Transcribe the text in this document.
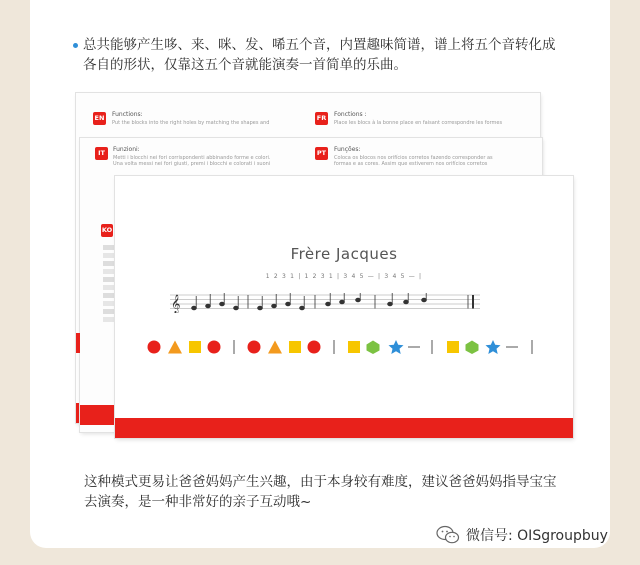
总共能够产生哆、来、咪、发、唏五个音，内置趣味简谱，谱上将五个音转化成各自的形状，仅靠这五个音就能演奏一首简单的乐曲。
EN Functions:
Put the blocks into the right holes by matching the shapes and
FR Fonctions :
Place les blocs à la bonne place en faisant correspondre les formes
IT	Funzioni:
Metti i blocchi nei fori corrispondenti abbinando forme e colori.
Una volta messi nei fori giusti, premi i blocchi e colorati i suoni
PT	Funções:
Coloca os blocos nos orifícios corretos fazendo corresponder as
formas e as cores. Assim que estiverem nos orifícios corretos
KO
Frère Jacques
1 2 3 1 | 1 2 3 1 | 3 4 5 — | 3 4 5 — |
𝄞
这种模式更易让爸爸妈妈产生兴趣，由于本身较有难度，建议爸爸妈妈指导宝宝去演奏，是一种非常好的亲子互动哦~
微信号: OISgroupbuy
